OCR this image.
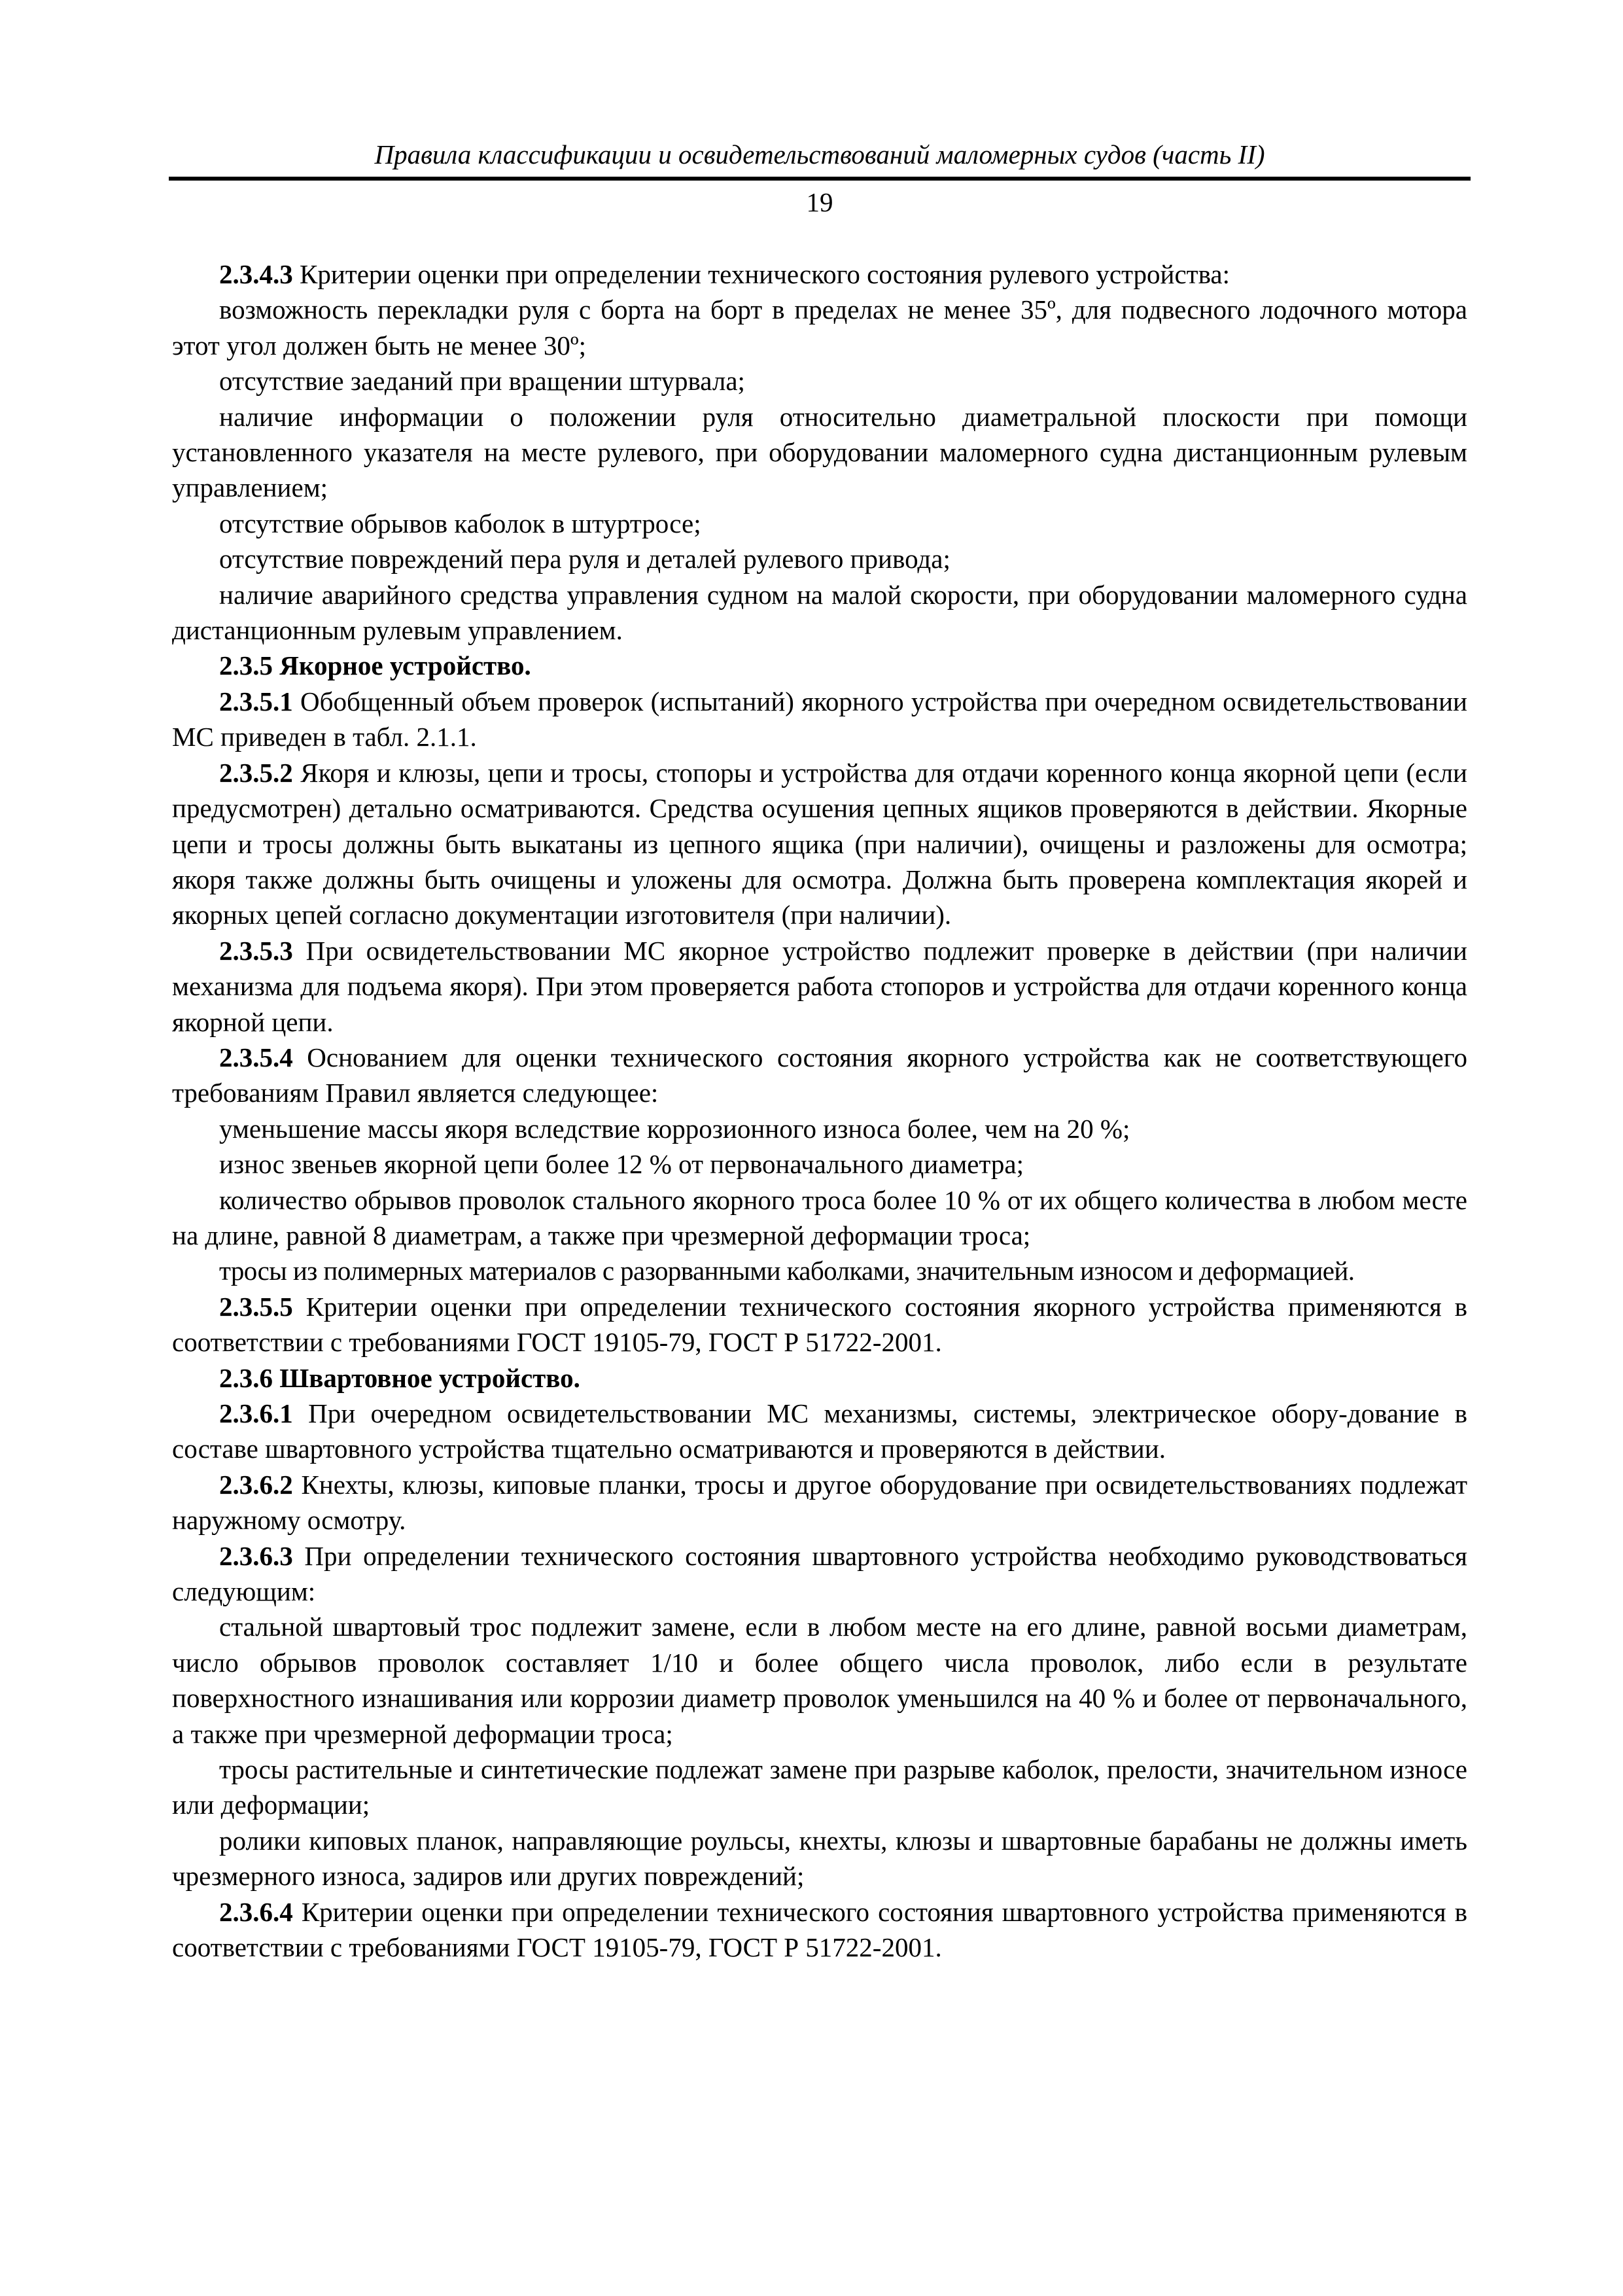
Правила классификации и освидетельствований маломерных судов (часть II)
19

2.3.4.3 Критерии оценки при определении технического состояния рулевого устройства:

возможность перекладки руля с борта на борт в пределах не менее 35º, для подвесного лодочного мотора этот угол должен быть не менее 30º;

отсутствие заеданий при вращении штурвала;

наличие информации о положении руля относительно диаметральной плоскости при помощи установленного указателя на месте рулевого, при оборудовании маломерного судна дистанционным рулевым управлением;

отсутствие обрывов каболок в штуртросе;

отсутствие повреждений пера руля и деталей рулевого привода;

наличие аварийного средства управления судном на малой скорости, при оборудовании маломерного судна дистанционным рулевым управлением.

2.3.5 Якорное устройство.

2.3.5.1 Обобщенный объем проверок (испытаний) якорного устройства при очередном освидетельствовании МС приведен в табл. 2.1.1.

2.3.5.2 Якоря и клюзы, цепи и тросы, стопоры и устройства для отдачи коренного конца якорной цепи (если предусмотрен) детально осматриваются. Средства осушения цепных ящиков проверяются в действии. Якорные цепи и тросы должны быть выкатаны из цепного ящика (при наличии), очищены и разложены для осмотра; якоря также должны быть очищены и уложены для осмотра. Должна быть проверена комплектация якорей и якорных цепей согласно документации изготовителя (при наличии).

2.3.5.3 При освидетельствовании МС якорное устройство подлежит проверке в действии (при наличии механизма для подъема якоря). При этом проверяется работа стопоров и устройства для отдачи коренного конца якорной цепи.

2.3.5.4 Основанием для оценки технического состояния якорного устройства как не соответствующего требованиям Правил является следующее:

уменьшение массы якоря вследствие коррозионного износа более, чем на 20 %;

износ звеньев якорной цепи более 12 % от первоначального диаметра;

количество обрывов проволок стального якорного троса более 10 % от их общего количества в любом месте на длине, равной 8 диаметрам, а также при чрезмерной деформации троса;

тросы из полимерных материалов с разорванными каболками, значительным износом и деформацией.

2.3.5.5 Критерии оценки при определении технического состояния якорного устройства применяются в соответствии с требованиями ГОСТ 19105-79, ГОСТ Р 51722-2001.

2.3.6 Швартовное устройство.

2.3.6.1 При очередном освидетельствовании МС механизмы, системы, электрическое обору-дование в составе швартовного устройства тщательно осматриваются и проверяются в действии.

2.3.6.2 Кнехты, клюзы, киповые планки, тросы и другое оборудование при освидетельствованиях подлежат наружному осмотру.

2.3.6.3 При определении технического состояния швартовного устройства необходимо руководствоваться следующим:

стальной швартовый трос подлежит замене, если в любом месте на его длине, равной восьми диаметрам, число обрывов проволок составляет 1/10 и более общего числа проволок, либо если в результате поверхностного изнашивания или коррозии диаметр проволок уменьшился на 40 % и более от первоначального, а также при чрезмерной деформации троса;

тросы растительные и синтетические подлежат замене при разрыве каболок, прелости, значительном износе или деформации;

ролики киповых планок, направляющие роульсы, кнехты, клюзы и швартовные барабаны не должны иметь чрезмерного износа, задиров или других повреждений;

2.3.6.4 Критерии оценки при определении технического состояния швартовного устройства применяются в соответствии с требованиями ГОСТ 19105-79, ГОСТ Р 51722-2001.
